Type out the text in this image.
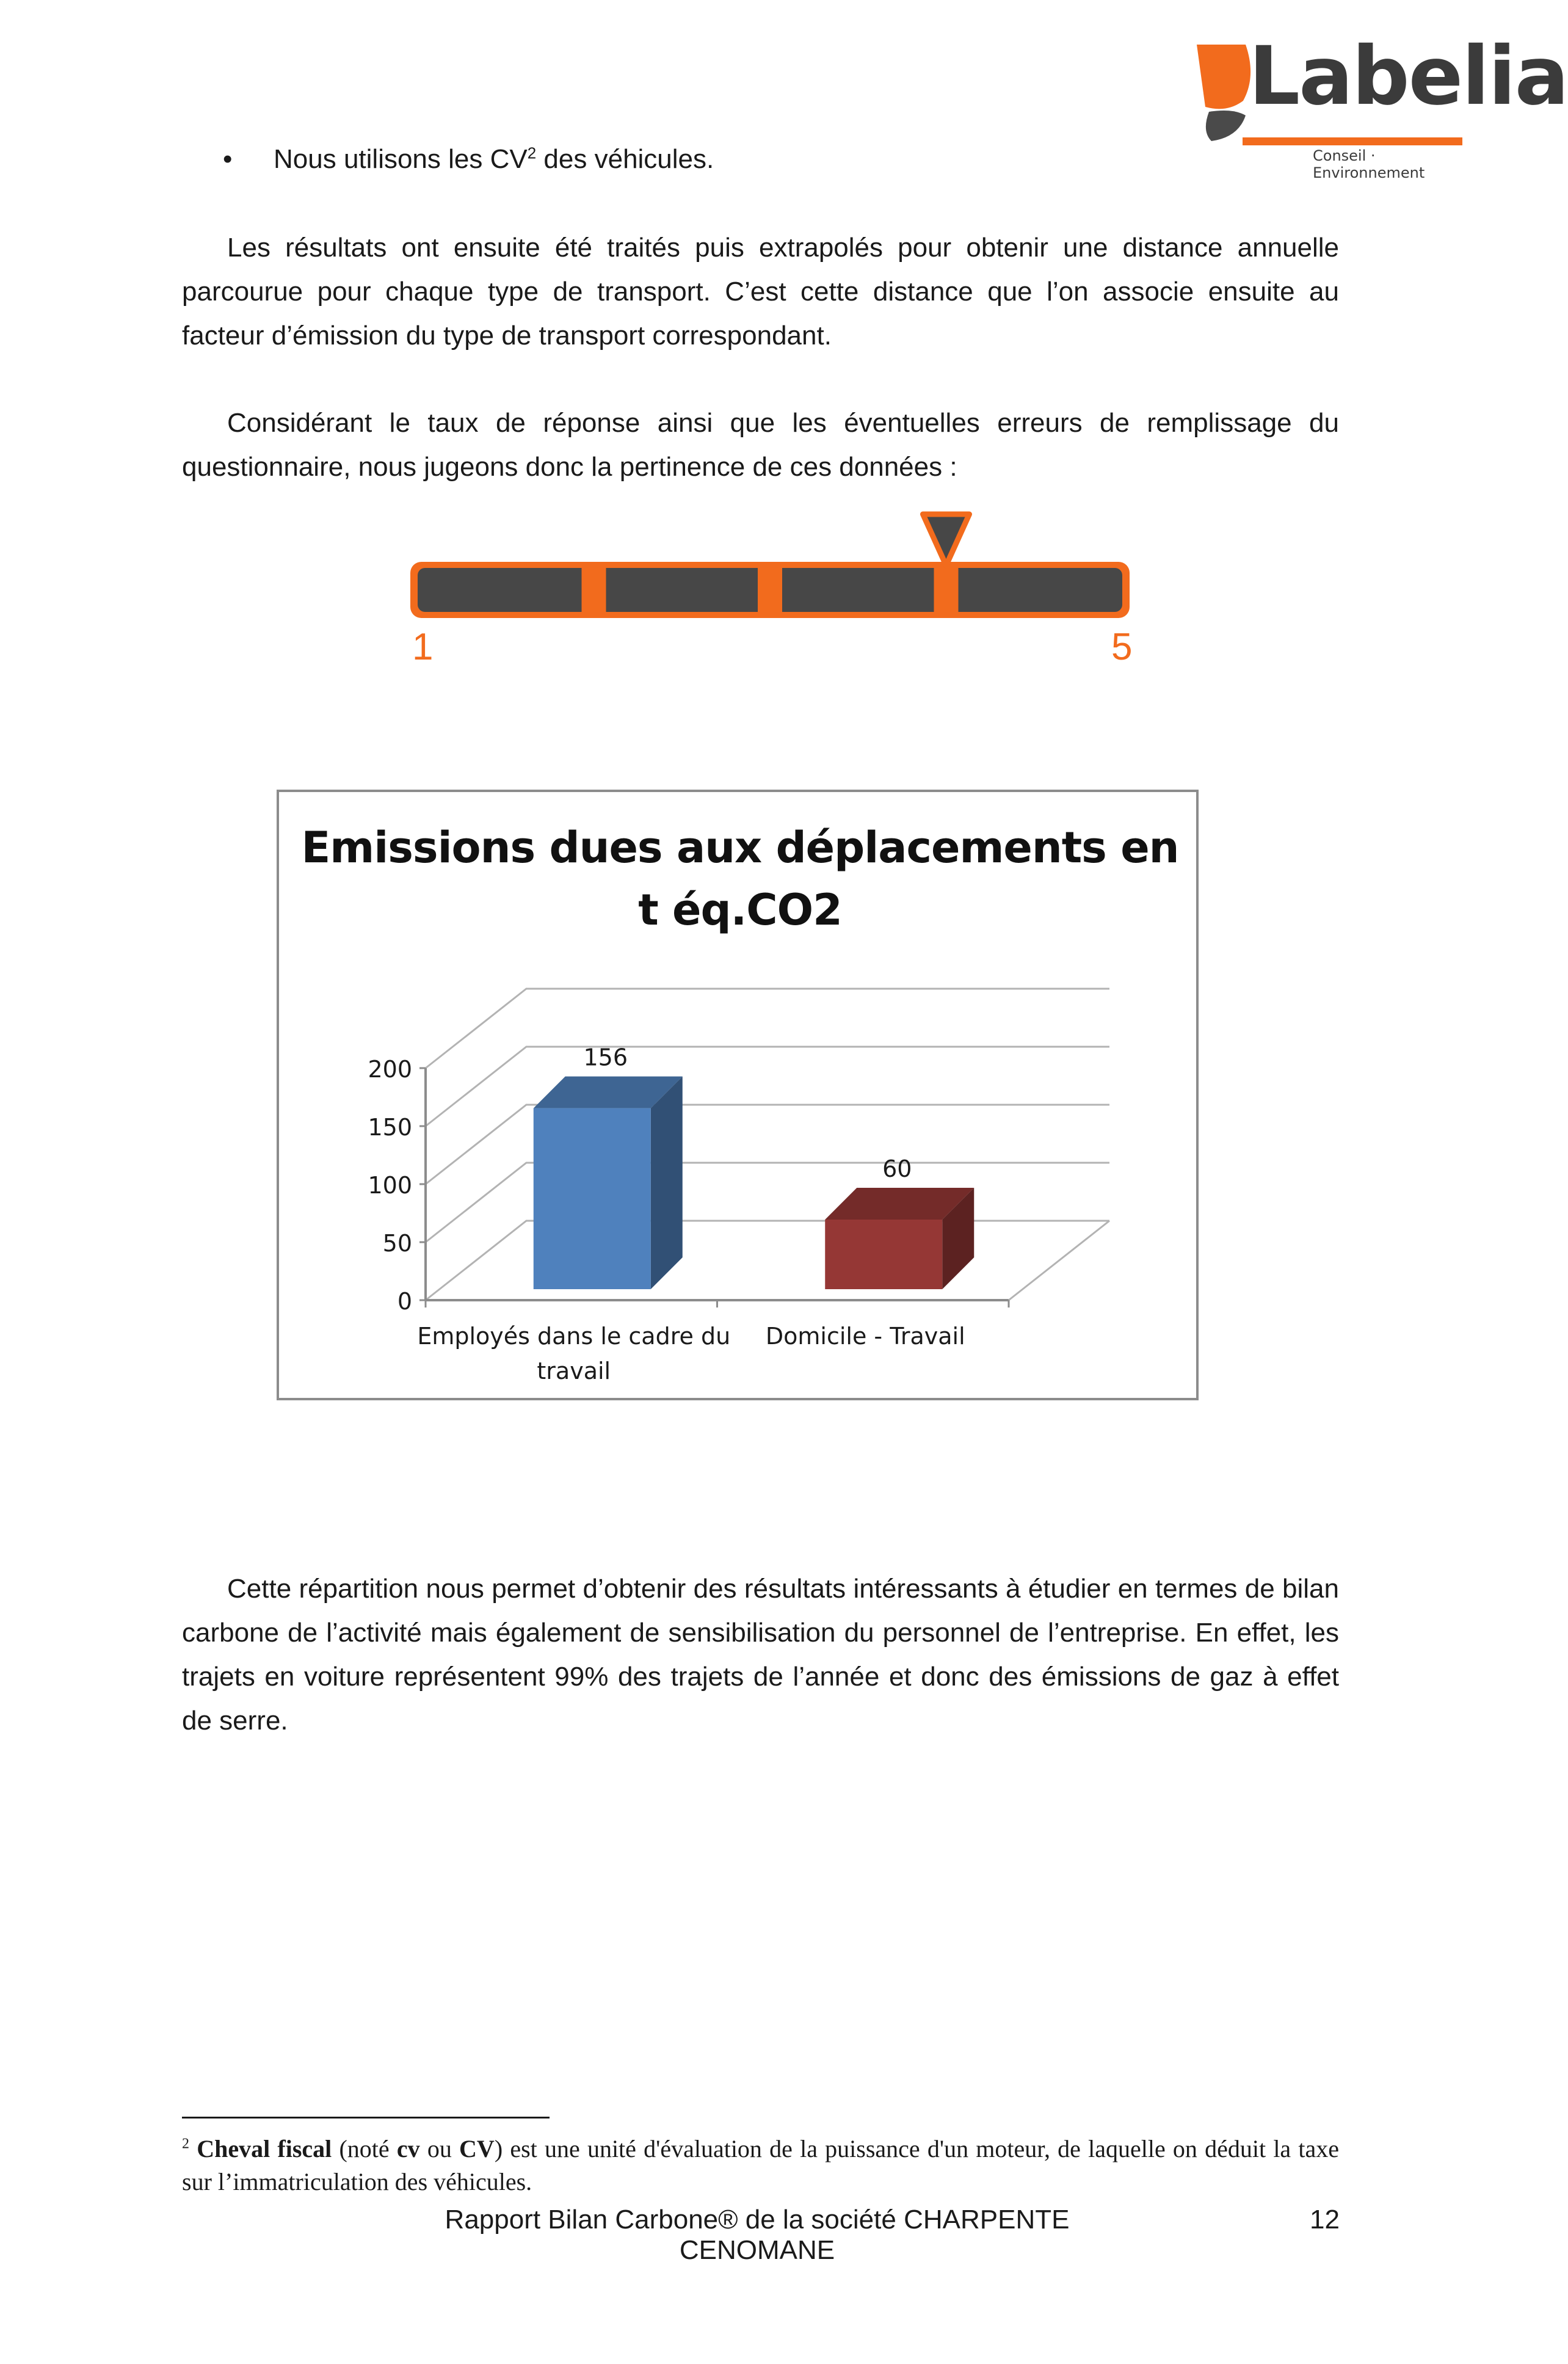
Labelia
Conseil · Environnement
• Nous utilisons les $CV^2$ des véhicules.

Les résultats ont ensuite été traités puis extrapolés pour obtenir une distance annuelle parcourue pour chaque type de transport. C’est cette distance que l’on associe ensuite au facteur d’émission du type de transport correspondant.

Considérant le taux de réponse ainsi que les éventuelles erreurs de remplissage du questionnaire, nous jugeons donc la pertinence de ces données :

1	5
Emissions dues aux déplacements en
t éq.CO2
0
50
100
150
200	156
60
Employés dans le cadre du
travail
Domicile - Travail

Cette répartition nous permet d’obtenir des résultats intéressants à étudier en termes de bilan carbone de l’activité mais également de sensibilisation du personnel de l’entreprise. En effet, les trajets en voiture représentent 99% des trajets de l’année et donc des émissions de gaz à effet de serre.

$^2$ Cheval fiscal (noté cv ou CV) est une unité d'évaluation de la puissance d'un moteur, de laquelle on déduit la taxe sur l’immatriculation des véhicules.
Rapport Bilan Carbone® de la société CHARPENTE CENOMANE
12
